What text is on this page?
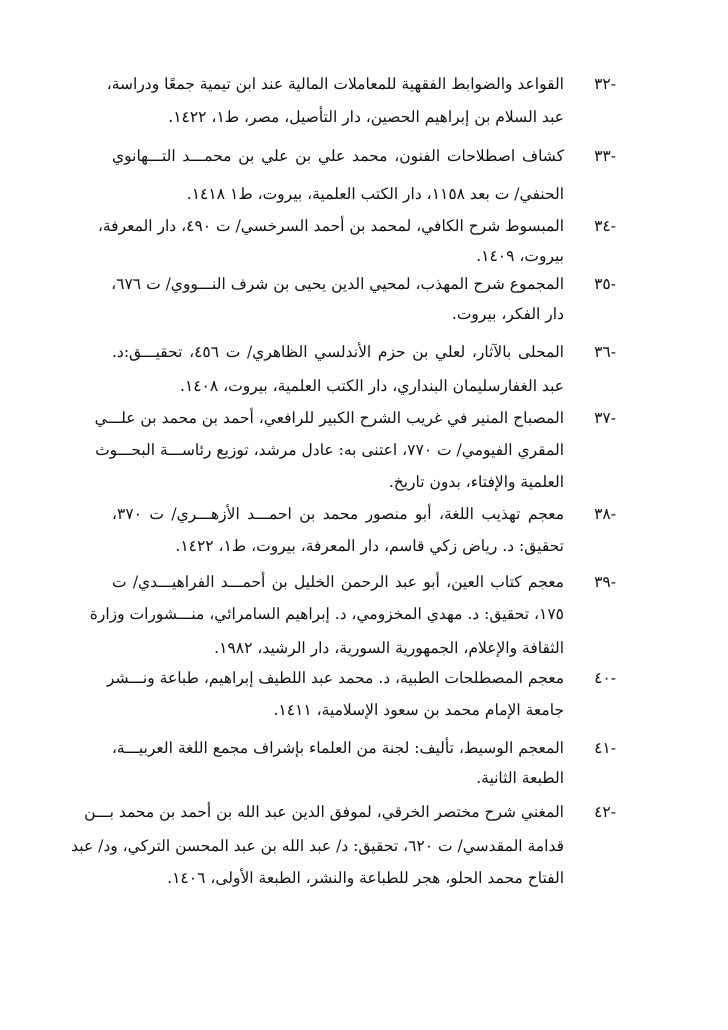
٣٢-
القواعد والضوابط الفقهية للمعاملات المالية عند ابن تيمية جمعًا ودراسة،
عبد السلام بن إبراهيم الحصين، دار التأصيل، مصر، ط١، ١٤٢٢.
٣٣-
كشاف اصطلاحات الفنون، محمد علي بن علي بن محمـــد التـــهانوي
الحنفي/ ت بعد ١١٥٨، دار الكتب العلمية، بيروت، ط١ ١٤١٨.
٣٤-
المبسوط شرح الكافي، لمحمد بن أحمد السرخسي/ ت ٤٩٠، دار المعرفة،
بيروت، ١٤٠٩.
٣٥-
المجموع شرح المهذب، لمحيي الدين يحيى بن شرف النـــووي/ ت ٦٧٦،
دار الفكر، بيروت.
٣٦-
المحلى بالآثار، لعلي بن حزم الأندلسي الظاهري/ ت ٤٥٦، تحقيـــق:د.
عبد الغفارسليمان البنداري، دار الكتب العلمية، بيروت، ١٤٠٨.
٣٧-
المصباح المنير في غريب الشرح الكبير للرافعي، أحمد بن محمد بن علـــي
المقري الفيومي/ ت ٧٧٠، اعتنى به: عادل مرشد، توزيع رئاســـة البحـــوث
العلمية والإفتاء، بدون تاريخ.
٣٨-
معجم تهذيب اللغة، أبو منصور محمد بن احمـــد الأزهـــري/ ت ٣٧٠،
تحقيق: د. رياض زكي قاسم، دار المعرفة، بيروت، ط١، ١٤٢٢.
٣٩-
معجم كتاب العين، أبو عبد الرحمن الخليل بن أحمـــد الفراهيـــدي/ ت
١٧٥، تحقيق: د. مهدي المخزومي، د. إبراهيم السامرائي، منـــشورات وزارة
الثقافة والإعلام، الجمهورية السورية، دار الرشيد، ١٩٨٢.
٤٠-
معجم المصطلحات الطبية، د. محمد عبد اللطيف إبراهيم، طباعة ونـــشر
جامعة الإمام محمد بن سعود الإسلامية، ١٤١١.
٤١-
المعجم الوسيط، تأليف: لجنة من العلماء بإشراف مجمع اللغة العربيـــة،
الطبعة الثانية.
٤٢-
المغني شرح مختصر الخرقي، لموفق الدين عبد الله بن أحمد بن محمد بـــن
قدامة المقدسي/ ت ٦٢٠، تحقيق: د/ عبد الله بن عبد المحسن التركي، ود/ عبد
الفتاح محمد الحلو، هجر للطباعة والنشر، الطبعة الأولى، ١٤٠٦.
